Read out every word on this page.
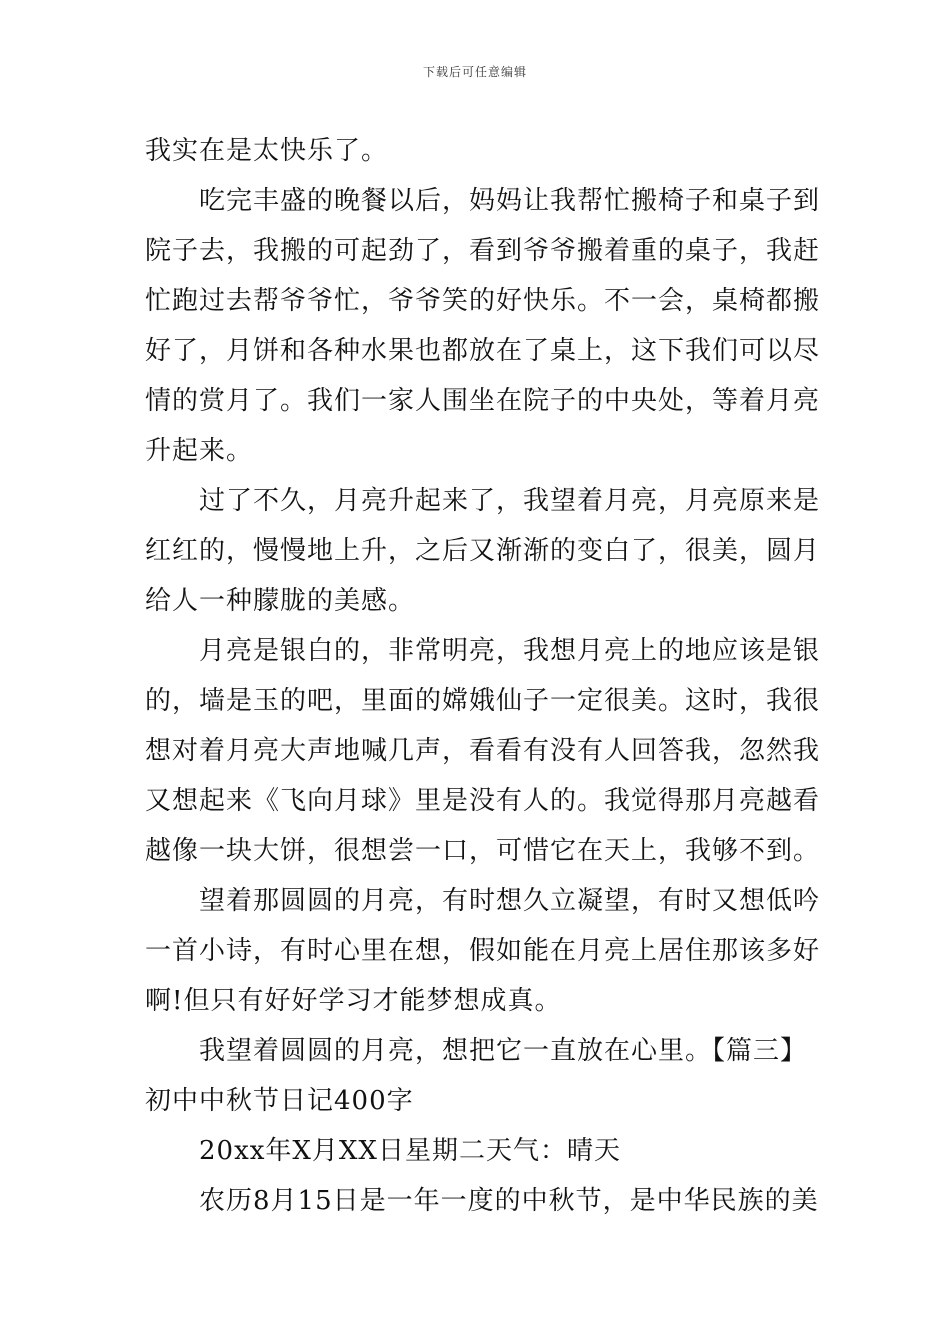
下载后可任意编辑
我实在是太快乐了。
吃完丰盛的晚餐以后，妈妈让我帮忙搬椅子和桌子到
院子去，我搬的可起劲了，看到爷爷搬着重的桌子，我赶
忙跑过去帮爷爷忙，爷爷笑的好快乐。不一会，桌椅都搬
好了，月饼和各种水果也都放在了桌上，这下我们可以尽
情的赏月了。我们一家人围坐在院子的中央处，等着月亮
升起来。
过了不久，月亮升起来了，我望着月亮，月亮原来是
红红的，慢慢地上升，之后又渐渐的变白了，很美，圆月
给人一种朦胧的美感。
月亮是银白的，非常明亮，我想月亮上的地应该是银
的，墙是玉的吧，里面的嫦娥仙子一定很美。这时，我很
想对着月亮大声地喊几声，看看有没有人回答我，忽然我
又想起来《飞向月球》里是没有人的。我觉得那月亮越看
越像一块大饼，很想尝一口，可惜它在天上，我够不到。
望着那圆圆的月亮，有时想久立凝望，有时又想低吟
一首小诗，有时心里在想，假如能在月亮上居住那该多好
啊!但只有好好学习才能梦想成真。
我望着圆圆的月亮，想把它一直放在心里。【篇三】
初中中秋节日记400字
20xx年X月XX日星期二天气：晴天
农历8月15日是一年一度的中秋节，是中华民族的美
